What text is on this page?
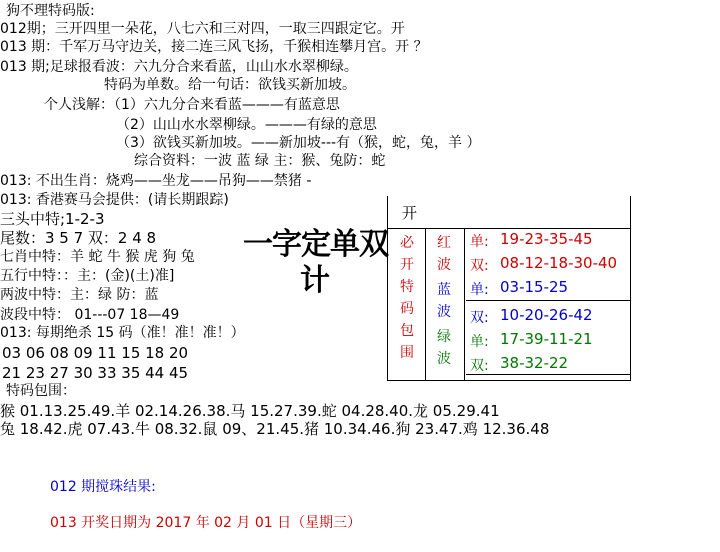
狗不理特码版:
012期；三开四里一朵花，八七六和三对四，一取三四跟定它。开
013 期：千军万马守边关，接二连三风飞扬，千猴相连攀月宫。开 ？
013 期;足球报看波：六九分合来看蓝，山山水水翠柳绿。
特码为单数。给一句话：欲钱买新加坡。
个人浅解：（1）六九分合来看蓝———有蓝意思
（2）山山水水翠柳绿。———有绿的意思
（3）欲钱买新加坡。——新加坡---有（猴，蛇，兔，羊 ）
综合资料：一波 蓝 绿 主：猴、兔防：蛇
013: 不出生肖：烧鸡——坐龙——吊狗——禁猪 -
013: 香港赛马会提供：(请长期跟踪)
三头中特;1-2-3
尾数：3 5 7 双：2 4 8
七肖中特：羊 蛇 牛 猴 虎 狗 兔
五行中特：：主：(金)(土)准]
两波中特：主：绿 防：蓝
波段中特： 01---07 18—49
013: 每期绝杀 15 码（准！准！准！）
03 06 08 09 11 15 18 20
21 23 27 30 33 35 44 45
特码包围：
猴 01.13.25.49.羊 02.14.26.38.马 15.27.39.蛇 04.28.40.龙 05.29.41
兔 18.42.虎 07.43.牛 08.32.鼠 09、21.45.猪 10.34.46.狗 23.47.鸡 12.36.48
012 期搅珠结果:
013 开奖日期为 2017 年 02 月 01 日（星期三）
一字定单双
计
开
必
开
特
码
包
围
红
波

蓝
波

绿
波
单: 19-23-35-45
双: 08-12-18-30-40
单: 03-15-25
双: 10-20-26-42
单: 17-39-11-21
双: 38-32-22
